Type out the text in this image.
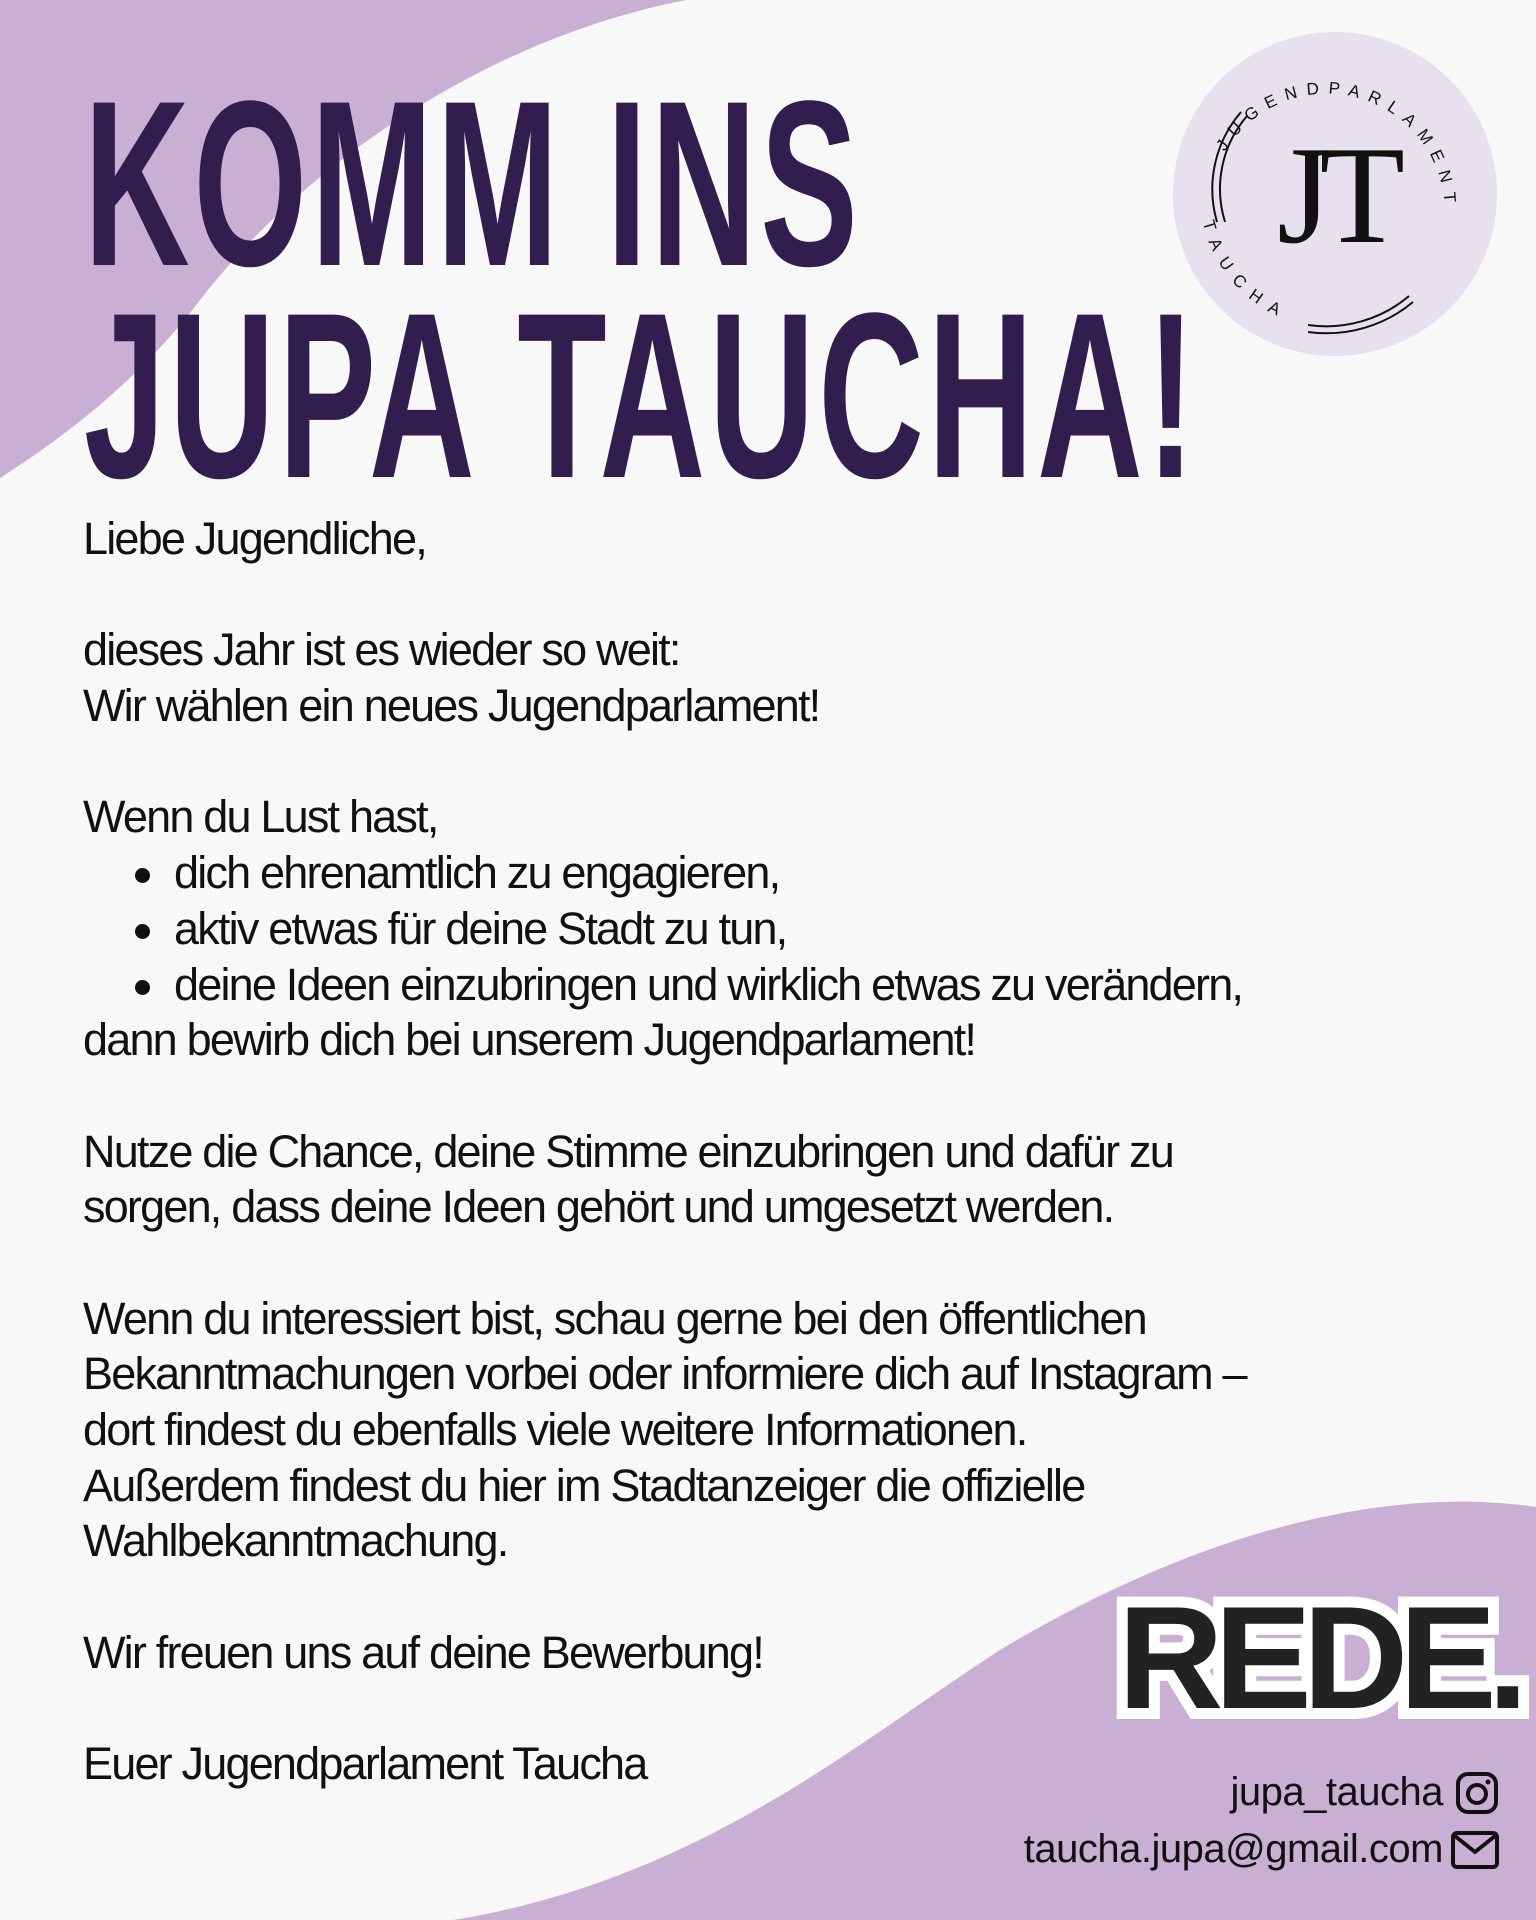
KOMM INS
JUPA TAUCHA!
JUGENDPARLAMENT
TAUCHA
JT
Liebe Jugendliche,
dieses Jahr ist es wieder so weit:
Wir wählen ein neues Jugendparlament!
Wenn du Lust hast,
dich ehrenamtlich zu engagieren,
aktiv etwas für deine Stadt zu tun,
deine Ideen einzubringen und wirklich etwas zu verändern,
dann bewirb dich bei unserem Jugendparlament!
Nutze die Chance, deine Stimme einzubringen und dafür zu
sorgen, dass deine Ideen gehört und umgesetzt werden.
Wenn du interessiert bist, schau gerne bei den öffentlichen
Bekanntmachungen vorbei oder informiere dich auf Instagram –
dort findest du ebenfalls viele weitere Informationen.
Außerdem findest du hier im Stadtanzeiger die offizielle
Wahlbekanntmachung.
Wir freuen uns auf deine Bewerbung!
Euer Jugendparlament Taucha
REDE.
jupa_taucha
taucha.jupa@gmail.com
